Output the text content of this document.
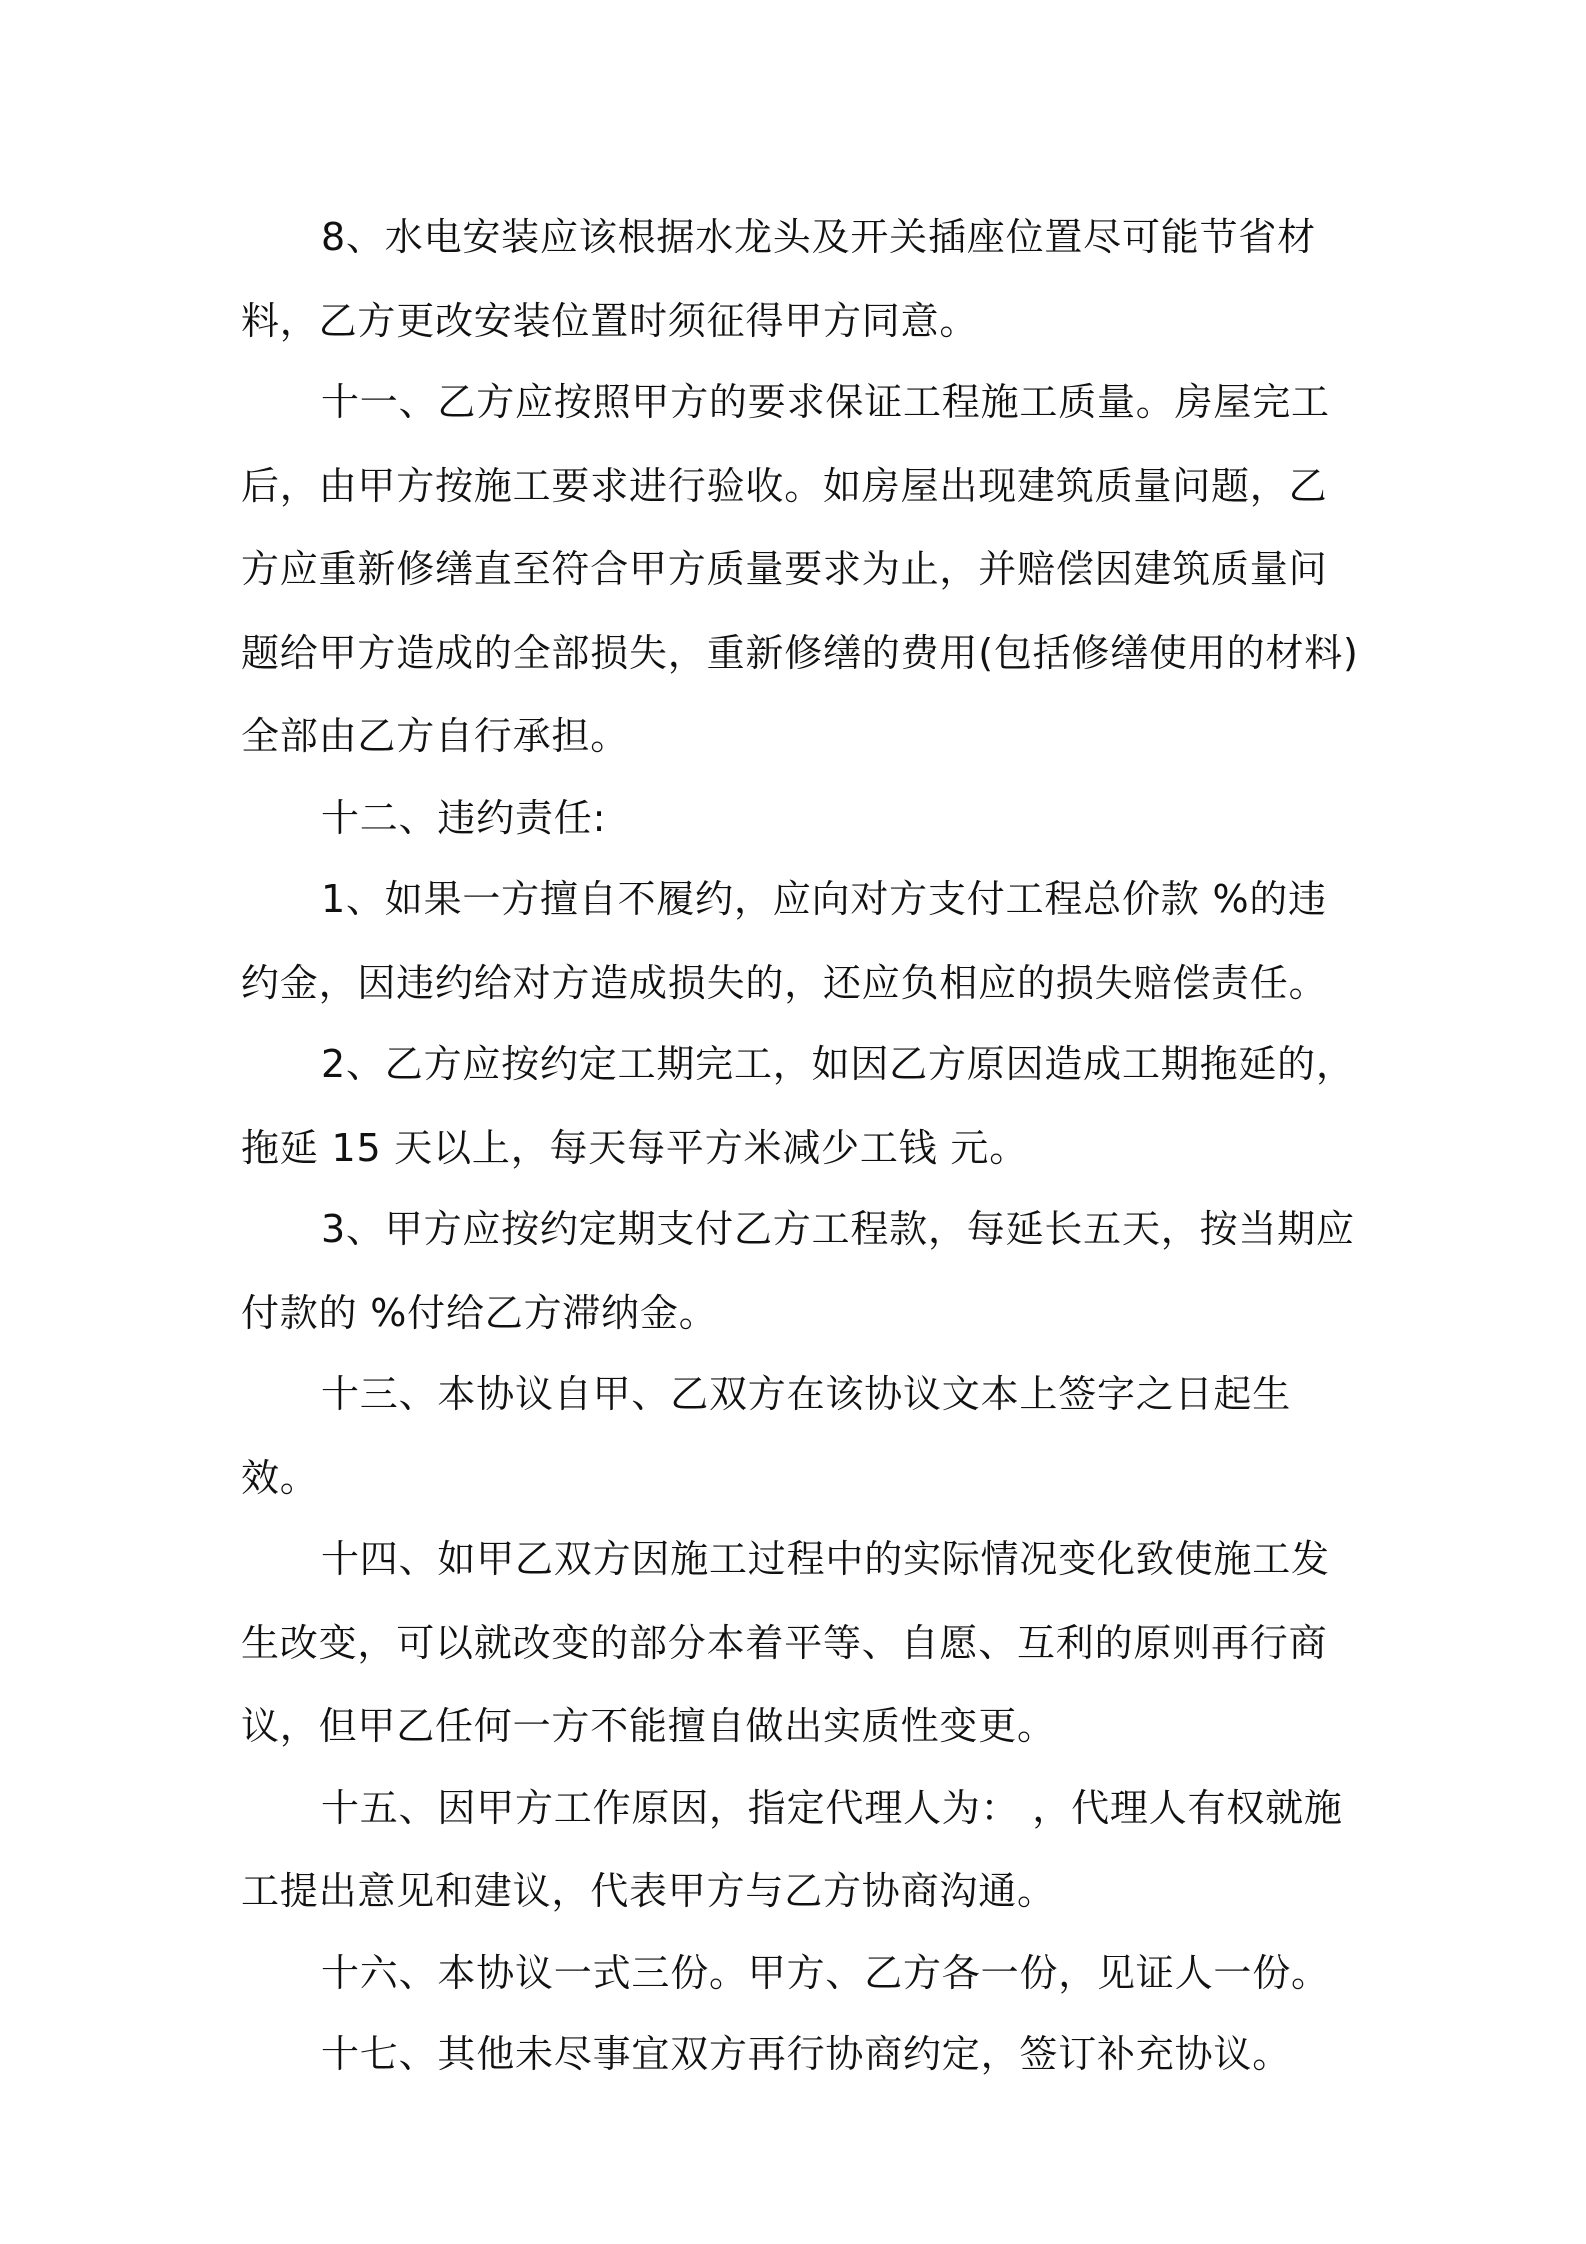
8、水电安装应该根据水龙头及开关插座位置尽可能节省材料，乙方更改安装位置时须征得甲方同意。

十一、乙方应按照甲方的要求保证工程施工质量。房屋完工后，由甲方按施工要求进行验收。如房屋出现建筑质量问题，乙方应重新修缮直至符合甲方质量要求为止，并赔偿因建筑质量问题给甲方造成的全部损失，重新修缮的费用(包括修缮使用的材料)全部由乙方自行承担。

十二、违约责任:

1、如果一方擅自不履约，应向对方支付工程总价款 %的违约金，因违约给对方造成损失的，还应负相应的损失赔偿责任。

2、乙方应按约定工期完工，如因乙方原因造成工期拖延的，拖延 15 天以上，每天每平方米减少工钱 元。

3、甲方应按约定期支付乙方工程款，每延长五天，按当期应付款的 %付给乙方滞纳金。

十三、本协议自甲、乙双方在该协议文本上签字之日起生效。

十四、如甲乙双方因施工过程中的实际情况变化致使施工发生改变，可以就改变的部分本着平等、自愿、互利的原则再行商议，但甲乙任何一方不能擅自做出实质性变更。

十五、因甲方工作原因，指定代理人为： ，代理人有权就施工提出意见和建议，代表甲方与乙方协商沟通。

十六、本协议一式三份。甲方、乙方各一份，见证人一份。

十七、其他未尽事宜双方再行协商约定，签订补充协议。
